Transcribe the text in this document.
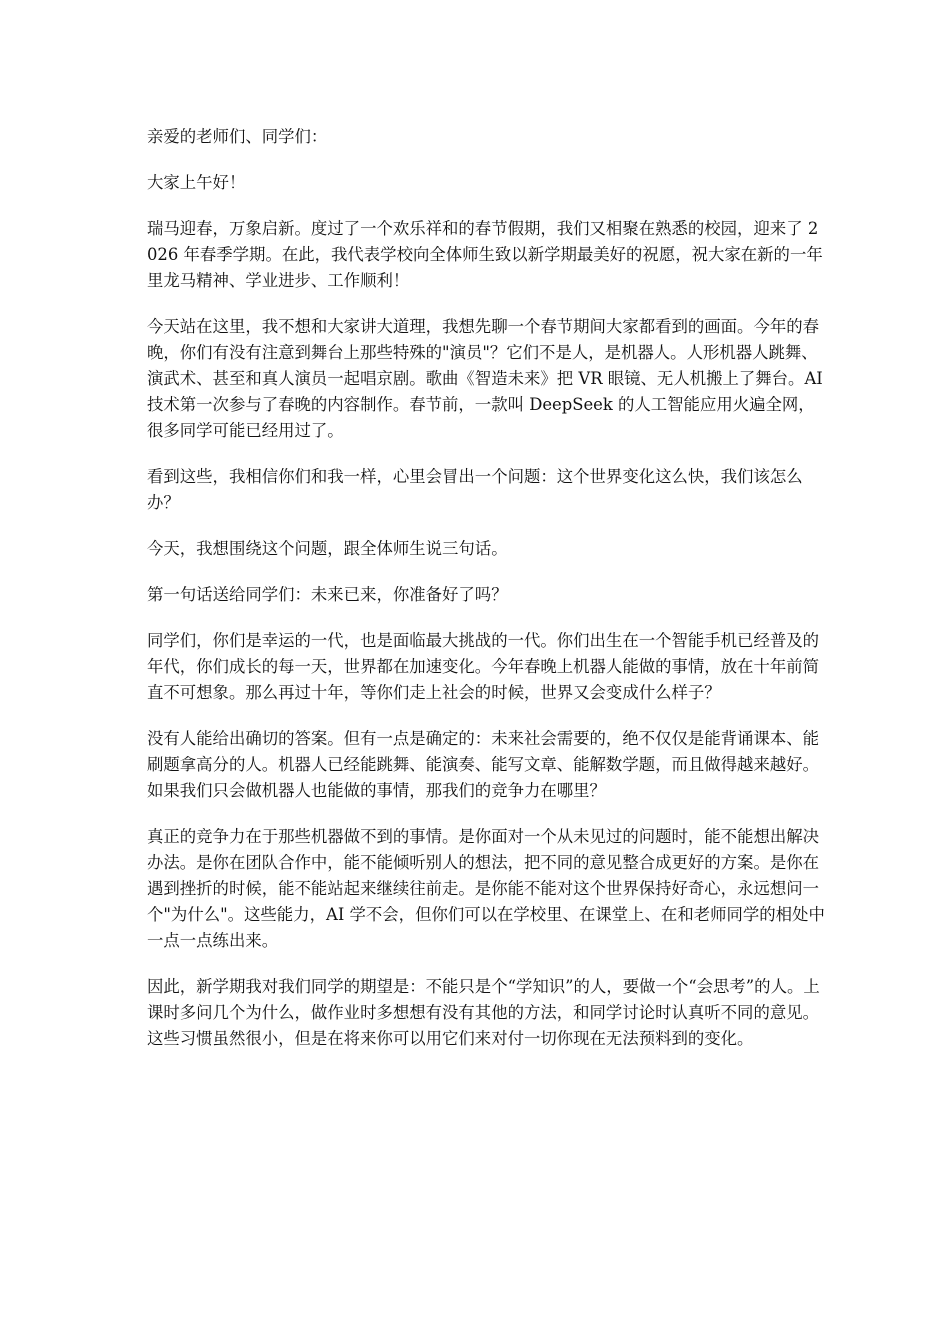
亲爱的老师们、同学们：

大家上午好！

瑞马迎春，万象启新。度过了一个欢乐祥和的春节假期，我们又相聚在熟悉的校园，迎来了 2026 年春季学期。在此，我代表学校向全体师生致以新学期最美好的祝愿，祝大家在新的一年里龙马精神、学业进步、工作顺利！

今天站在这里，我不想和大家讲大道理，我想先聊一个春节期间大家都看到的画面。今年的春晚，你们有没有注意到舞台上那些特殊的"演员"？它们不是人，是机器人。人形机器人跳舞、演武术、甚至和真人演员一起唱京剧。歌曲《智造未来》把 VR 眼镜、无人机搬上了舞台。AI 技术第一次参与了春晚的内容制作。春节前，一款叫 DeepSeek 的人工智能应用火遍全网，很多同学可能已经用过了。

看到这些，我相信你们和我一样，心里会冒出一个问题：这个世界变化这么快，我们该怎么办？

今天，我想围绕这个问题，跟全体师生说三句话。

第一句话送给同学们：未来已来，你准备好了吗？

同学们，你们是幸运的一代，也是面临最大挑战的一代。你们出生在一个智能手机已经普及的年代，你们成长的每一天，世界都在加速变化。今年春晚上机器人能做的事情，放在十年前简直不可想象。那么再过十年，等你们走上社会的时候，世界又会变成什么样子？

没有人能给出确切的答案。但有一点是确定的：未来社会需要的，绝不仅仅是能背诵课本、能刷题拿高分的人。机器人已经能跳舞、能演奏、能写文章、能解数学题，而且做得越来越好。如果我们只会做机器人也能做的事情，那我们的竞争力在哪里？

真正的竞争力在于那些机器做不到的事情。是你面对一个从未见过的问题时，能不能想出解决办法。是你在团队合作中，能不能倾听别人的想法，把不同的意见整合成更好的方案。是你在遇到挫折的时候，能不能站起来继续往前走。是你能不能对这个世界保持好奇心，永远想问一个"为什么"。这些能力，AI 学不会，但你们可以在学校里、在课堂上、在和老师同学的相处中一点一点练出来。

因此，新学期我对我们同学的期望是：不能只是个“学知识”的人，要做一个“会思考”的人。上课时多问几个为什么，做作业时多想想有没有其他的方法，和同学讨论时认真听不同的意见。这些习惯虽然很小，但是在将来你可以用它们来对付一切你现在无法预料到的变化。
